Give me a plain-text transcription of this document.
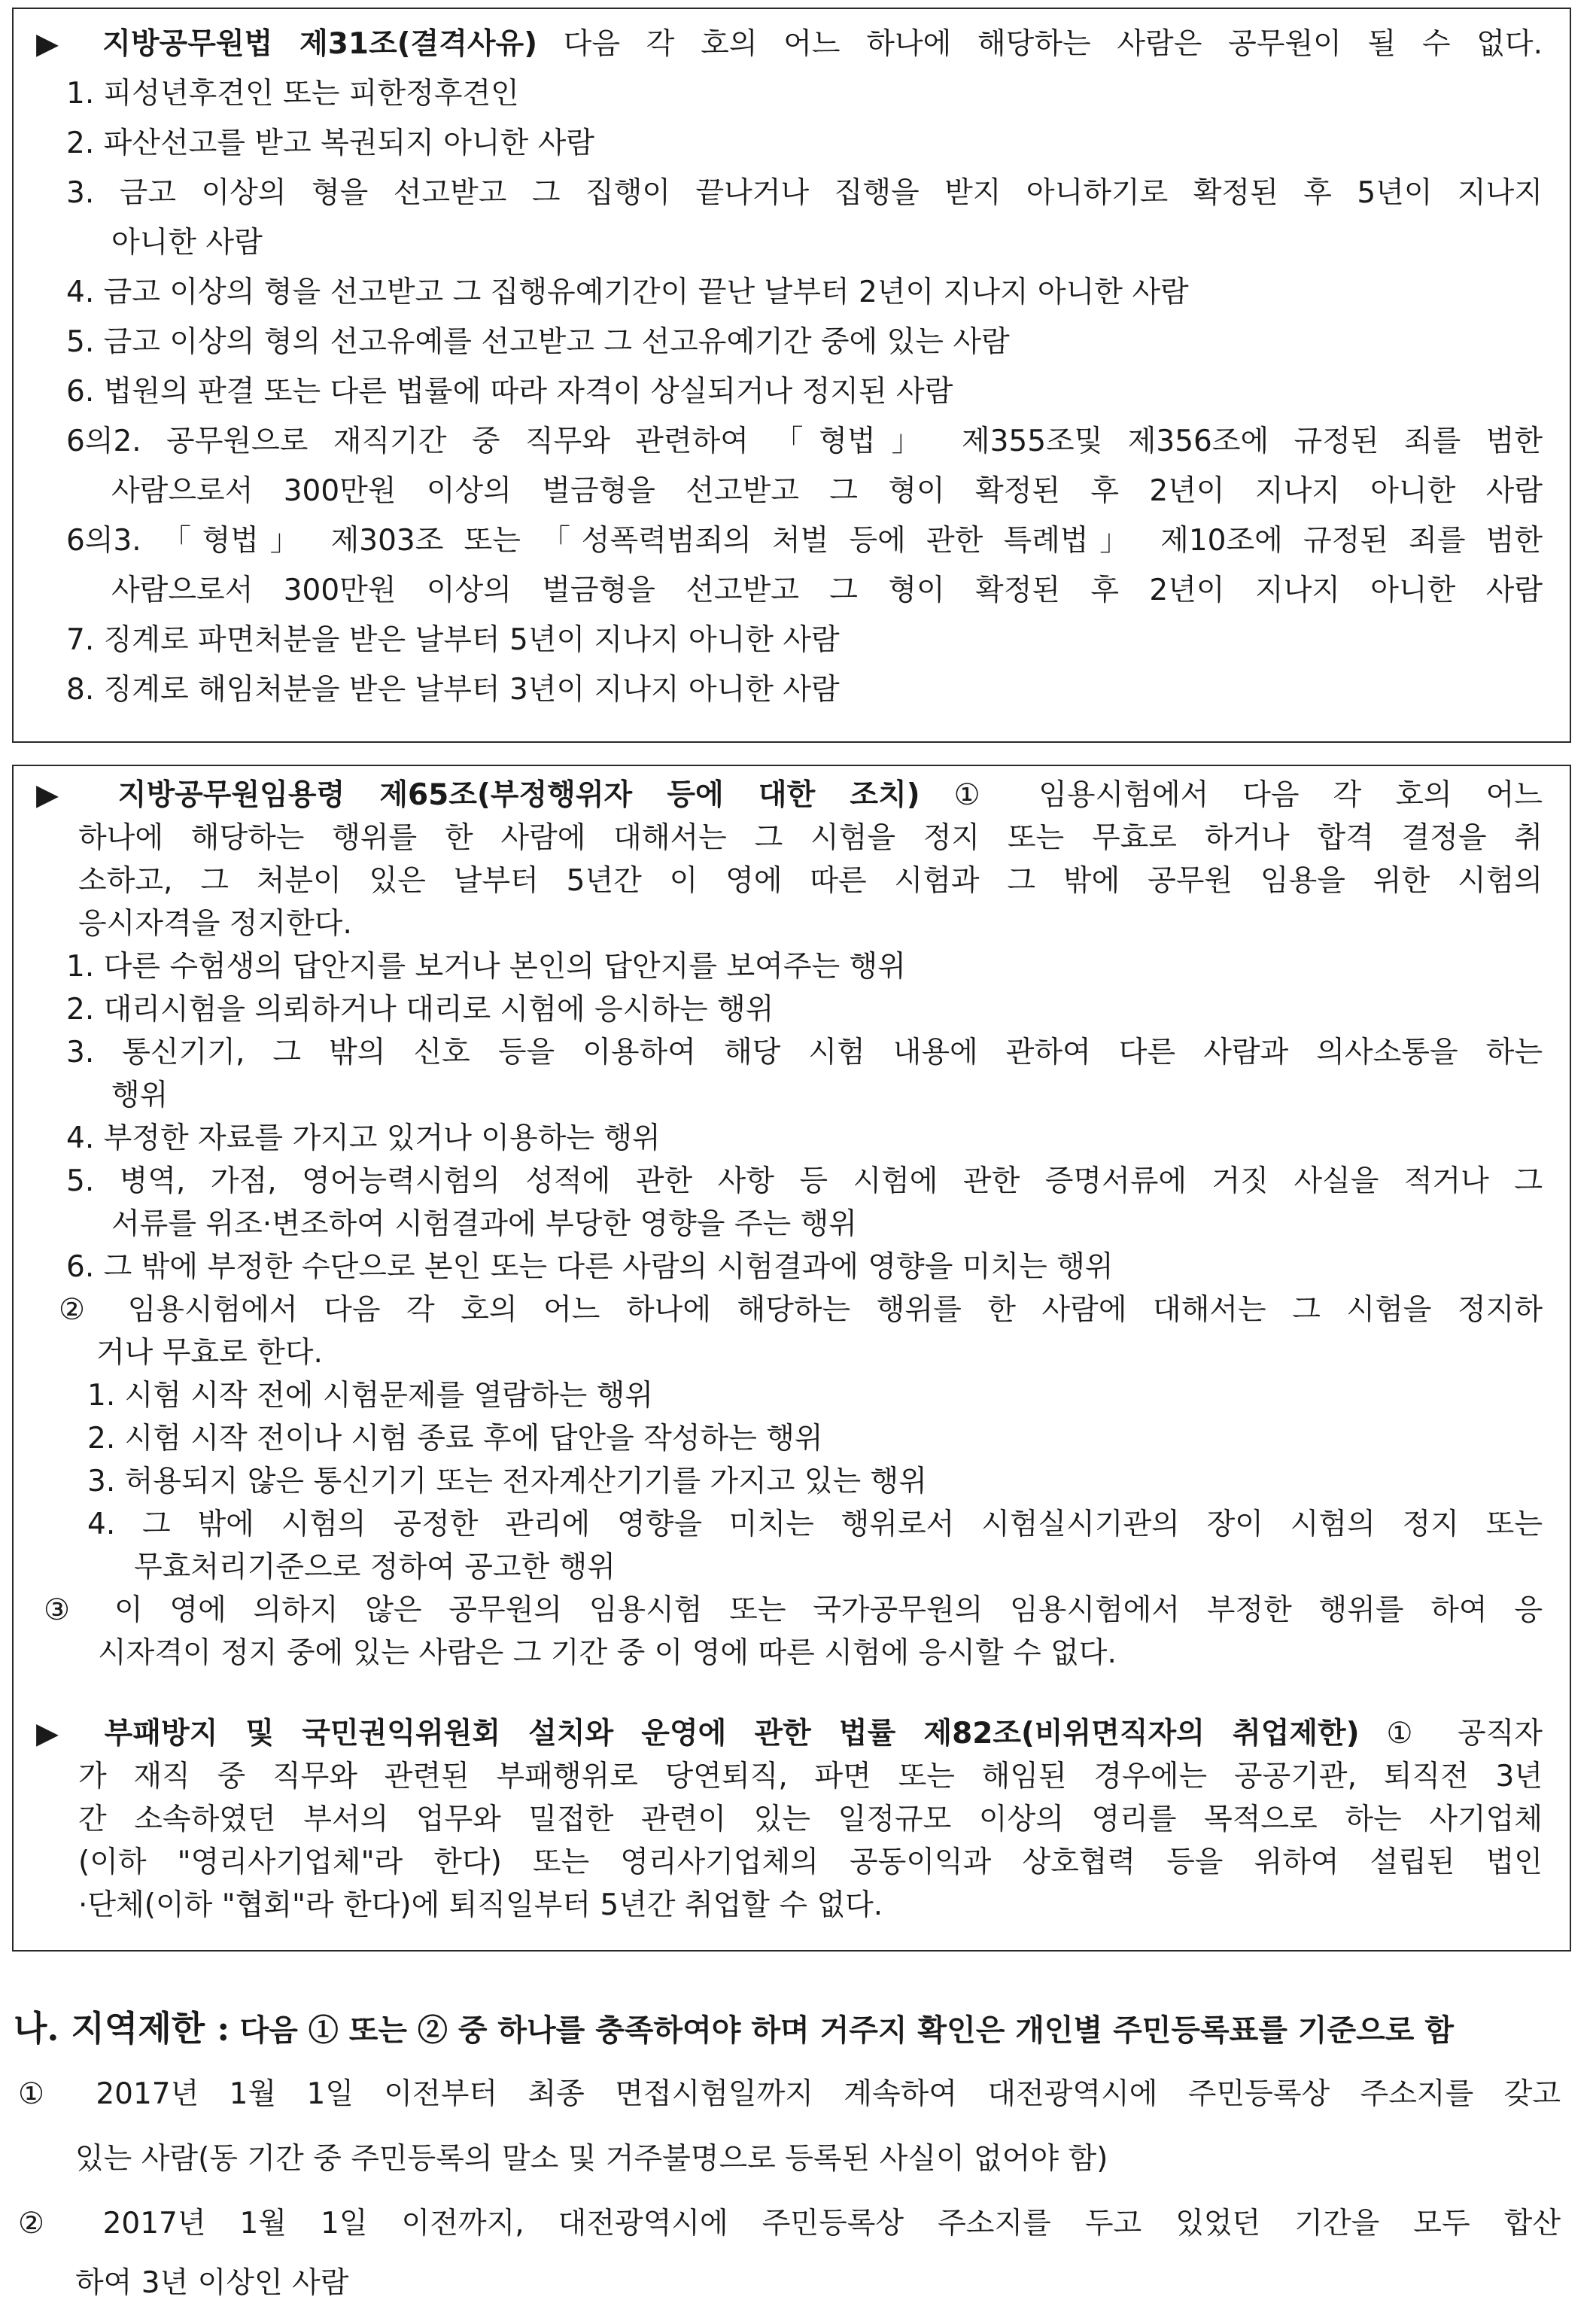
▶ 지방공무원법 제31조(결격사유) 다음 각 호의 어느 하나에 해당하는 사람은 공무원이 될 수 없다.
1. 피성년후견인 또는 피한정후견인
2. 파산선고를 받고 복권되지 아니한 사람
3. 금고 이상의 형을 선고받고 그 집행이 끝나거나 집행을 받지 아니하기로 확정된 후 5년이 지나지
아니한 사람
4. 금고 이상의 형을 선고받고 그 집행유예기간이 끝난 날부터 2년이 지나지 아니한 사람
5. 금고 이상의 형의 선고유예를 선고받고 그 선고유예기간 중에 있는 사람
6. 법원의 판결 또는 다른 법률에 따라 자격이 상실되거나 정지된 사람
6의2. 공무원으로 재직기간 중 직무와 관련하여 「형법」 제355조및 제356조에 규정된 죄를 범한
사람으로서 300만원 이상의 벌금형을 선고받고 그 형이 확정된 후 2년이 지나지 아니한 사람
6의3. 「형법」 제303조 또는 「성폭력범죄의 처벌 등에 관한 특례법」 제10조에 규정된 죄를 범한
사람으로서 300만원 이상의 벌금형을 선고받고 그 형이 확정된 후 2년이 지나지 아니한 사람
7. 징계로 파면처분을 받은 날부터 5년이 지나지 아니한 사람
8. 징계로 해임처분을 받은 날부터 3년이 지나지 아니한 사람
▶ 지방공무원임용령 제65조(부정행위자 등에 대한 조치) ① 임용시험에서 다음 각 호의 어느
하나에 해당하는 행위를 한 사람에 대해서는 그 시험을 정지 또는 무효로 하거나 합격 결정을 취
소하고, 그 처분이 있은 날부터 5년간 이 영에 따른 시험과 그 밖에 공무원 임용을 위한 시험의
응시자격을 정지한다.
1. 다른 수험생의 답안지를 보거나 본인의 답안지를 보여주는 행위
2. 대리시험을 의뢰하거나 대리로 시험에 응시하는 행위
3. 통신기기, 그 밖의 신호 등을 이용하여 해당 시험 내용에 관하여 다른 사람과 의사소통을 하는
행위
4. 부정한 자료를 가지고 있거나 이용하는 행위
5. 병역, 가점, 영어능력시험의 성적에 관한 사항 등 시험에 관한 증명서류에 거짓 사실을 적거나 그
서류를 위조·변조하여 시험결과에 부당한 영향을 주는 행위
6. 그 밖에 부정한 수단으로 본인 또는 다른 사람의 시험결과에 영향을 미치는 행위
② 임용시험에서 다음 각 호의 어느 하나에 해당하는 행위를 한 사람에 대해서는 그 시험을 정지하
거나 무효로 한다.
1. 시험 시작 전에 시험문제를 열람하는 행위
2. 시험 시작 전이나 시험 종료 후에 답안을 작성하는 행위
3. 허용되지 않은 통신기기 또는 전자계산기기를 가지고 있는 행위
4. 그 밖에 시험의 공정한 관리에 영향을 미치는 행위로서 시험실시기관의 장이 시험의 정지 또는
무효처리기준으로 정하여 공고한 행위
③ 이 영에 의하지 않은 공무원의 임용시험 또는 국가공무원의 임용시험에서 부정한 행위를 하여 응
시자격이 정지 중에 있는 사람은 그 기간 중 이 영에 따른 시험에 응시할 수 없다.
▶ 부패방지 및 국민권익위원회 설치와 운영에 관한 법률 제82조(비위면직자의 취업제한) ① 공직자
가 재직 중 직무와 관련된 부패행위로 당연퇴직, 파면 또는 해임된 경우에는 공공기관, 퇴직전 3년
간 소속하였던 부서의 업무와 밀접한 관련이 있는 일정규모 이상의 영리를 목적으로 하는 사기업체
(이하 "영리사기업체"라 한다) 또는 영리사기업체의 공동이익과 상호협력 등을 위하여 설립된 법인
·단체(이하 "협회"라 한다)에 퇴직일부터 5년간 취업할 수 없다.
나. 지역제한 : 다음 ① 또는 ② 중 하나를 충족하여야 하며 거주지 확인은 개인별 주민등록표를 기준으로 함
① 2017년 1월 1일 이전부터 최종 면접시험일까지 계속하여 대전광역시에 주민등록상 주소지를 갖고
있는 사람(동 기간 중 주민등록의 말소 및 거주불명으로 등록된 사실이 없어야 함)
② 2017년 1월 1일 이전까지, 대전광역시에 주민등록상 주소지를 두고 있었던 기간을 모두 합산
하여 3년 이상인 사람
